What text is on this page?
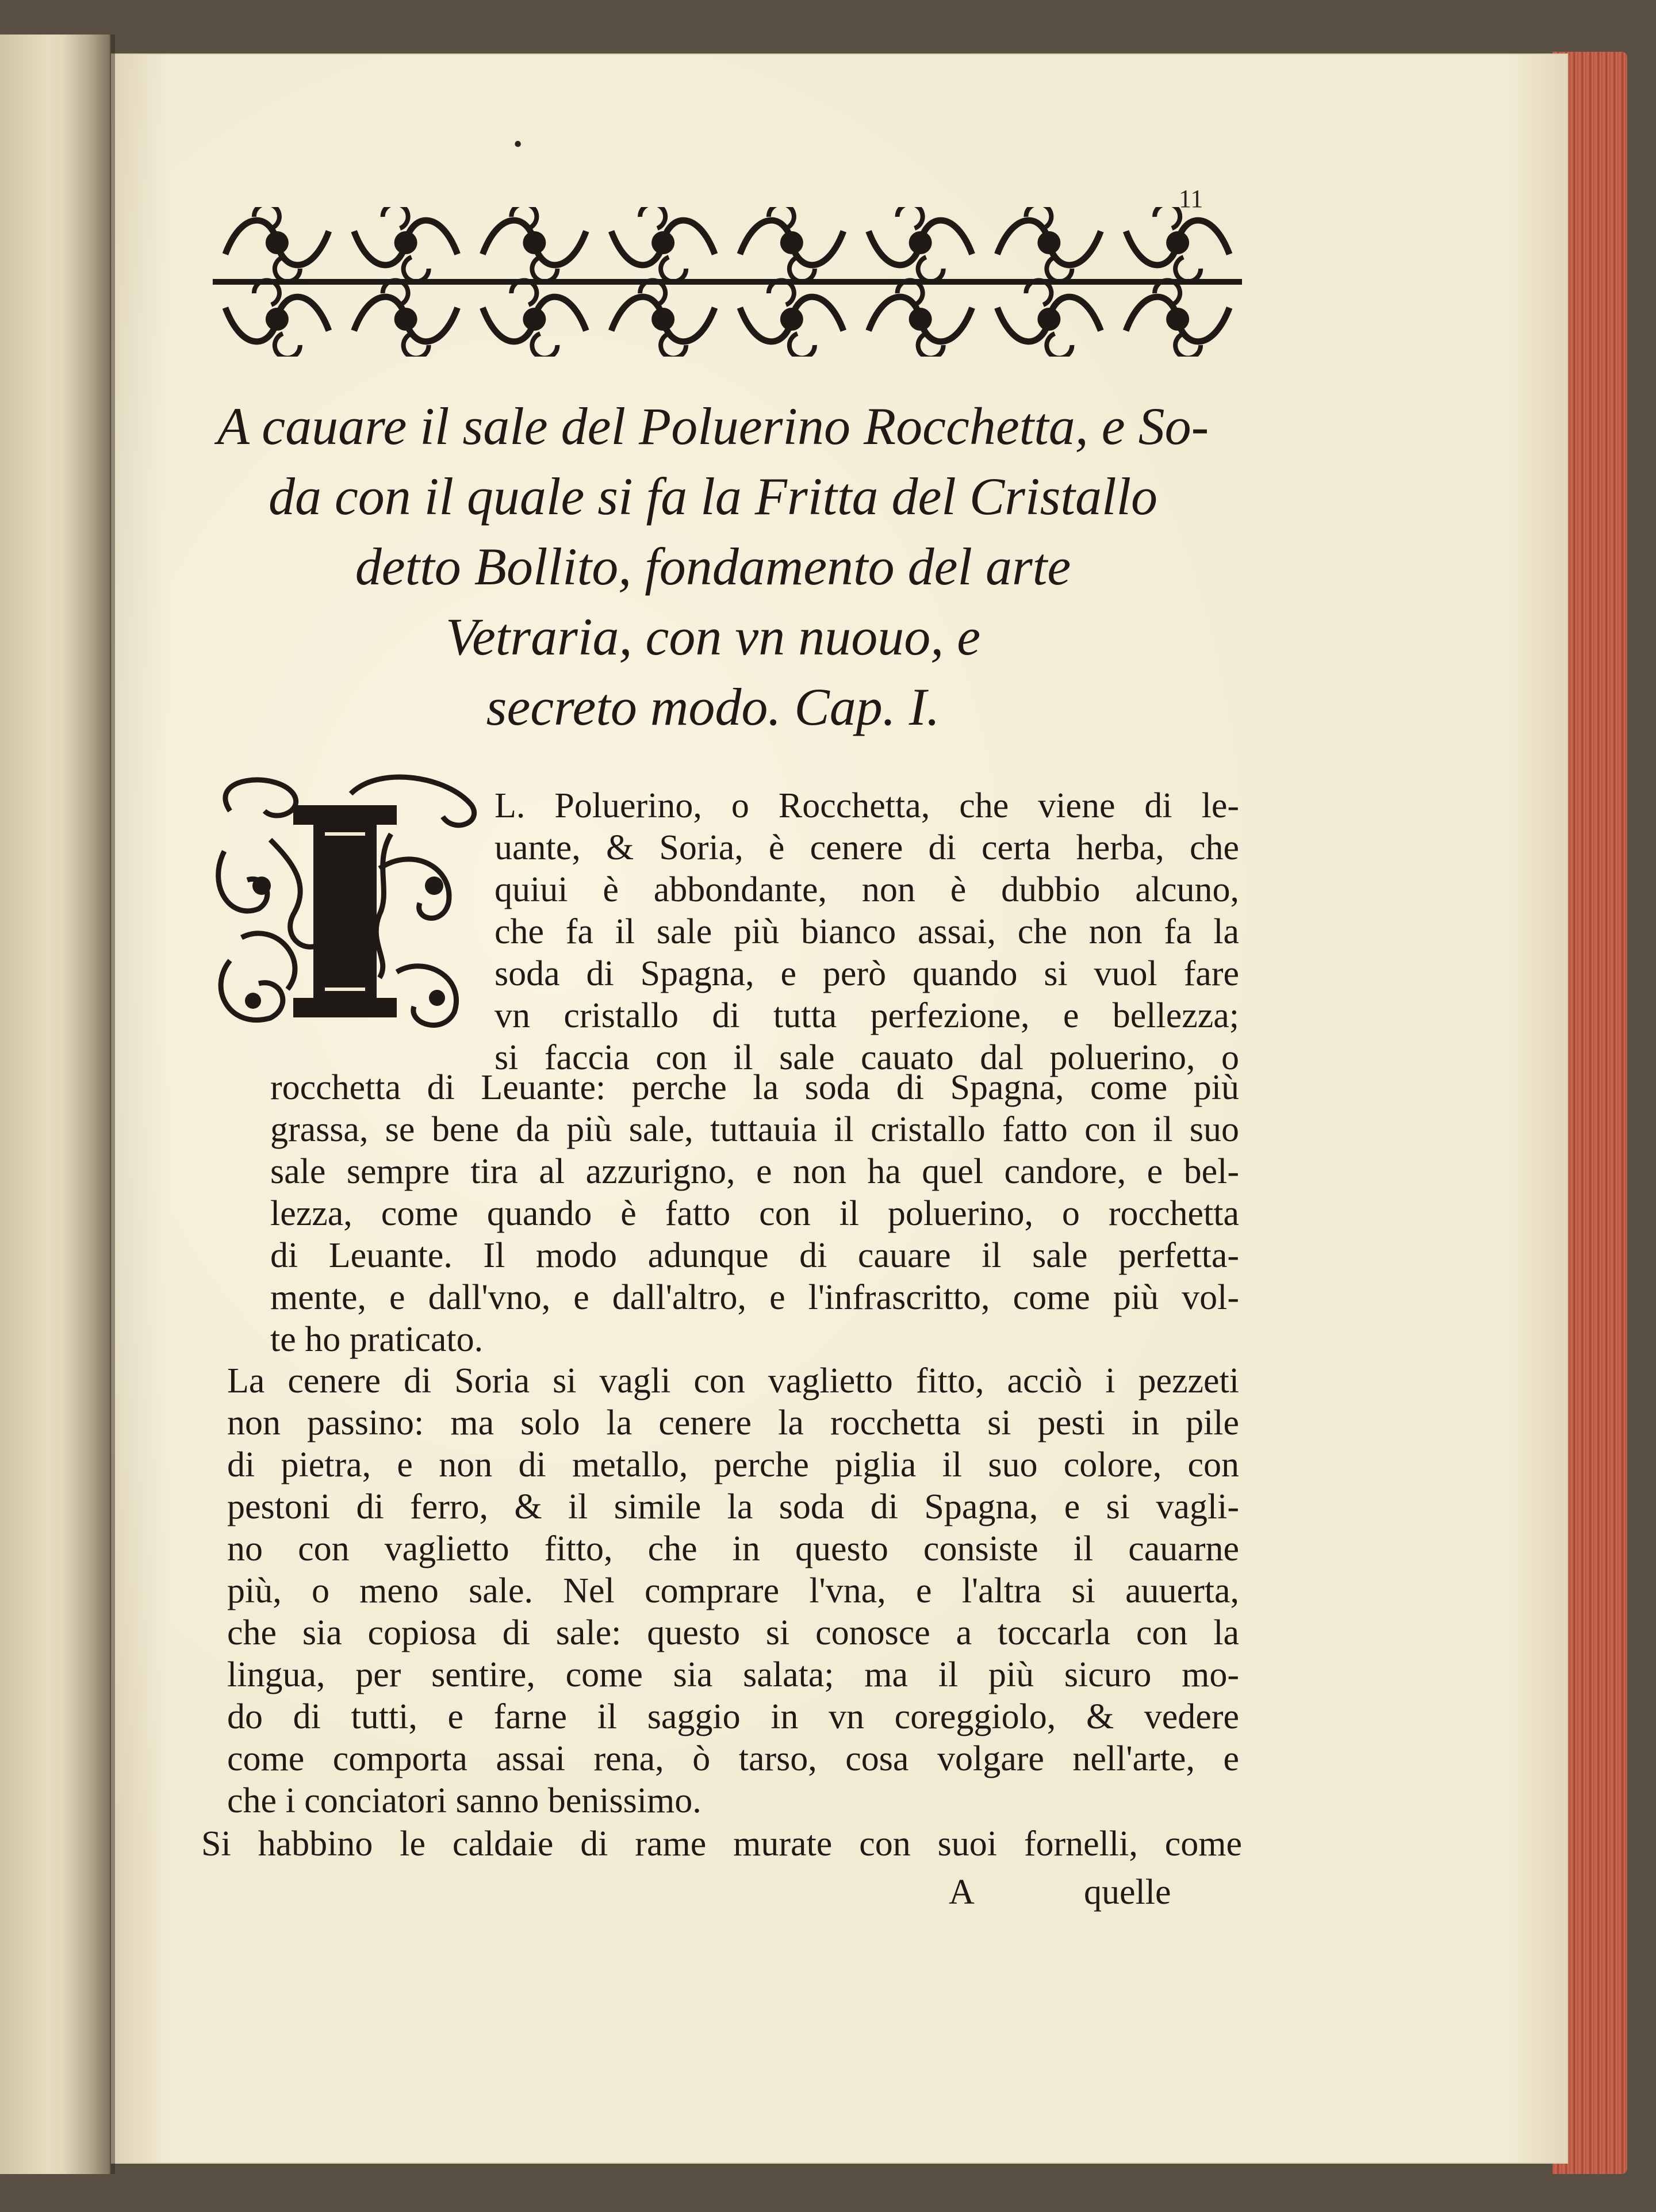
•
11
A cauare il sale del Poluerino Rocchetta, e So-
da con il quale si fa la Fritta del Cristallo
detto Bollito, fondamento del arte
Vetraria, con vn nuouo, e
secreto modo. Cap. I.
L. Poluerino, o Rocchetta, che viene di le-
uante, & Soria, è cenere di certa herba, che
quiui è abbondante, non è dubbio alcuno,
che fa il sale più bianco assai, che non fa la
soda di Spagna, e però quando si vuol fare
vn cristallo di tutta perfezione, e bellezza;
si faccia con il sale cauato dal poluerino, o
rocchetta di Leuante: perche la soda di Spagna, come più
grassa, se bene da più sale, tuttauia il cristallo fatto con il suo
sale sempre tira al azzurigno, e non ha quel candore, e bel-
lezza, come quando è fatto con il poluerino, o rocchetta
di Leuante. Il modo adunque di cauare il sale perfetta-
mente, e dall'vno, e dall'altro, e l'infrascritto, come più vol-
te ho praticato.
La cenere di Soria si vagli con vaglietto fitto, acciò i pezzeti
non passino: ma solo la cenere la rocchetta si pesti in pile
di pietra, e non di metallo, perche piglia il suo colore, con
pestoni di ferro, & il simile la soda di Spagna, e si vagli-
no con vaglietto fitto, che in questo consiste il cauarne
più, o meno sale. Nel comprare l'vna, e l'altra si auuerta,
che sia copiosa di sale: questo si conosce a toccarla con la
lingua, per sentire, come sia salata; ma il più sicuro mo-
do di tutti, e farne il saggio in vn coreggiolo, & vedere
come comporta assai rena, ò tarso, cosa volgare nell'arte, e
che i conciatori sanno benissimo.
Si habbino le caldaie di rame murate con suoi fornelli, come
A	quelle
